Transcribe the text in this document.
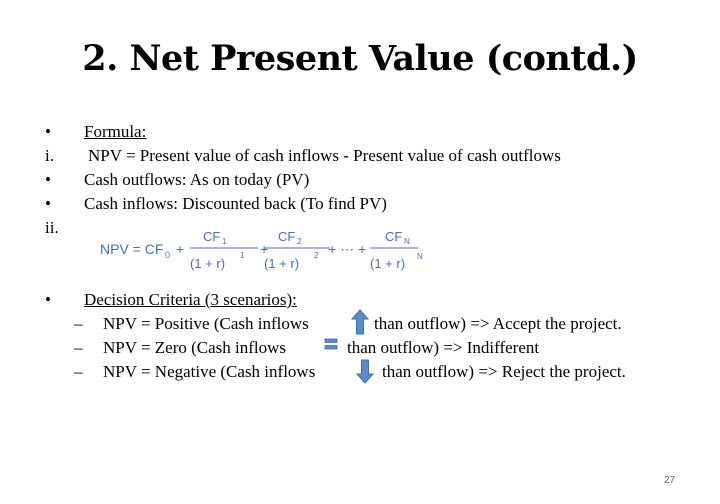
2. Net Present Value (contd.)
•
i.
•
•
ii.
•
Formula:
NPV = Present value of cash inflows - Present value of cash outflows
Cash outflows: As on today (PV)
Cash inflows: Discounted back (To find PV)
NPV = CF 0 +
CF 1
(1 + r)
1 +
CF 2
(1 + r)
2 + ⋯ +
CF N
(1 + r) N
Decision Criteria (3 scenarios):
– NPV = Positive (Cash inflows	than outflow) => Accept the project.
– NPV = Zero (Cash inflows	than outflow) => Indifferent
– NPV = Negative (Cash inflows	than outflow) => Reject the project.
27
